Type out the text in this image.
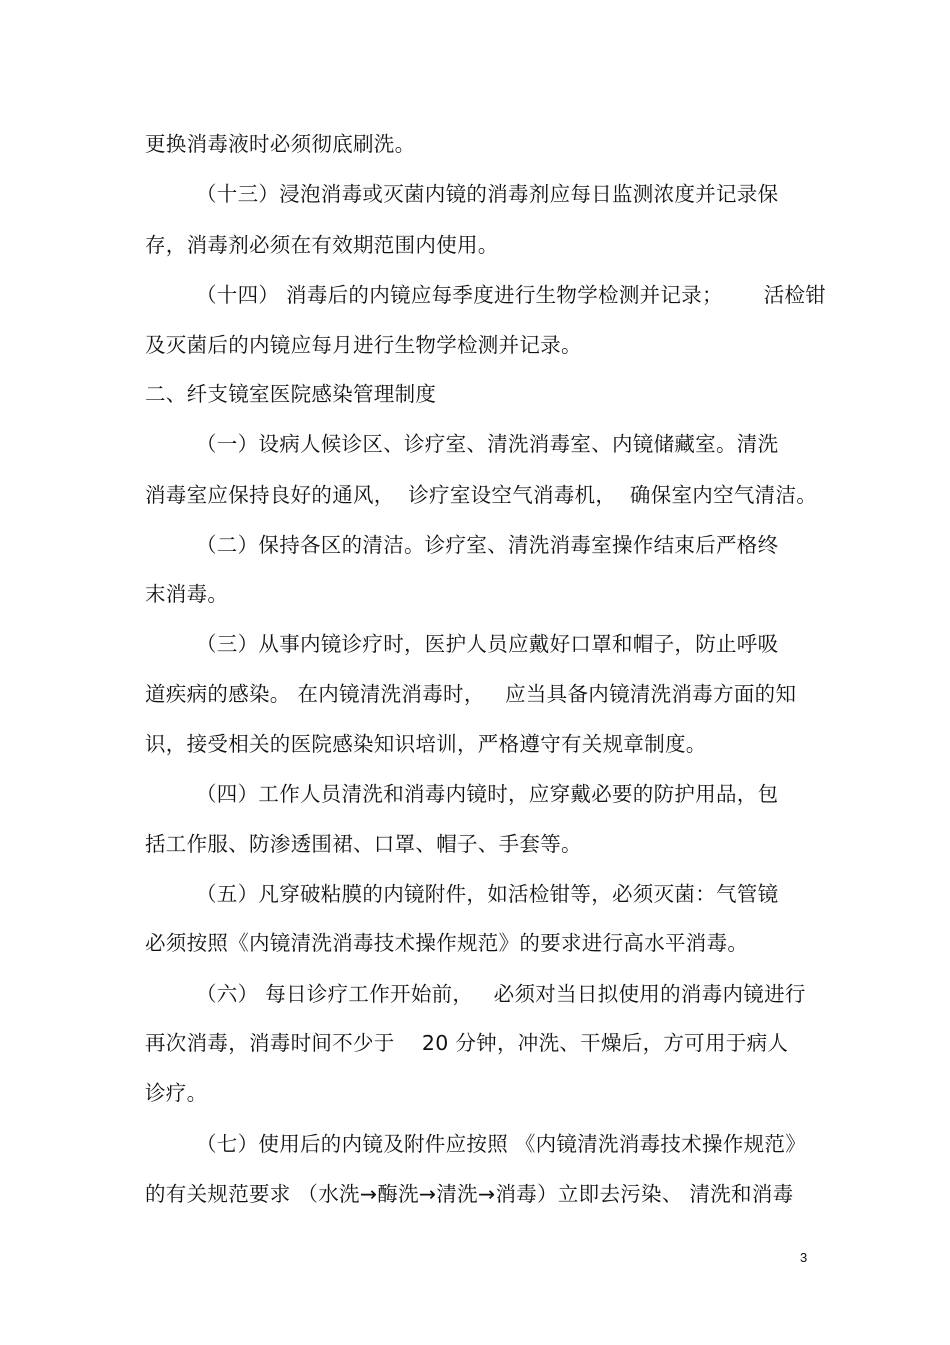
更换消毒液时必须彻底刷洗。
（十三）浸泡消毒或灭菌内镜的消毒剂应每日监测浓度并记录保
存，消毒剂必须在有效期范围内使用。
（十四） 消毒后的内镜应每季度进行生物学检测并记录；      活检钳
及灭菌后的内镜应每月进行生物学检测并记录。
二、纤支镜室医院感染管理制度
（一）设病人候诊区、诊疗室、清洗消毒室、内镜储藏室。清洗
消毒室应保持良好的通风，  诊疗室设空气消毒机，  确保室内空气清洁。
（二）保持各区的清洁。诊疗室、清洗消毒室操作结束后严格终
末消毒。
（三）从事内镜诊疗时，医护人员应戴好口罩和帽子，防止呼吸
道疾病的感染。 在内镜清洗消毒时，   应当具备内镜清洗消毒方面的知
识，接受相关的医院感染知识培训，严格遵守有关规章制度。
（四）工作人员清洗和消毒内镜时，应穿戴必要的防护用品，包
括工作服、防渗透围裙、口罩、帽子、手套等。
（五）凡穿破粘膜的内镜附件，如活检钳等，必须灭菌：气管镜
必须按照《内镜清洗消毒技术操作规范》的要求进行高水平消毒。
（六） 每日诊疗工作开始前，   必须对当日拟使用的消毒内镜进行
再次消毒，消毒时间不少于    20 分钟，冲洗、干燥后，方可用于病人
诊疗。
（七）使用后的内镜及附件应按照 《内镜清洗消毒技术操作规范》
的有关规范要求 （水洗→酶洗→清洗→消毒）立即去污染、 清洗和消毒
3
